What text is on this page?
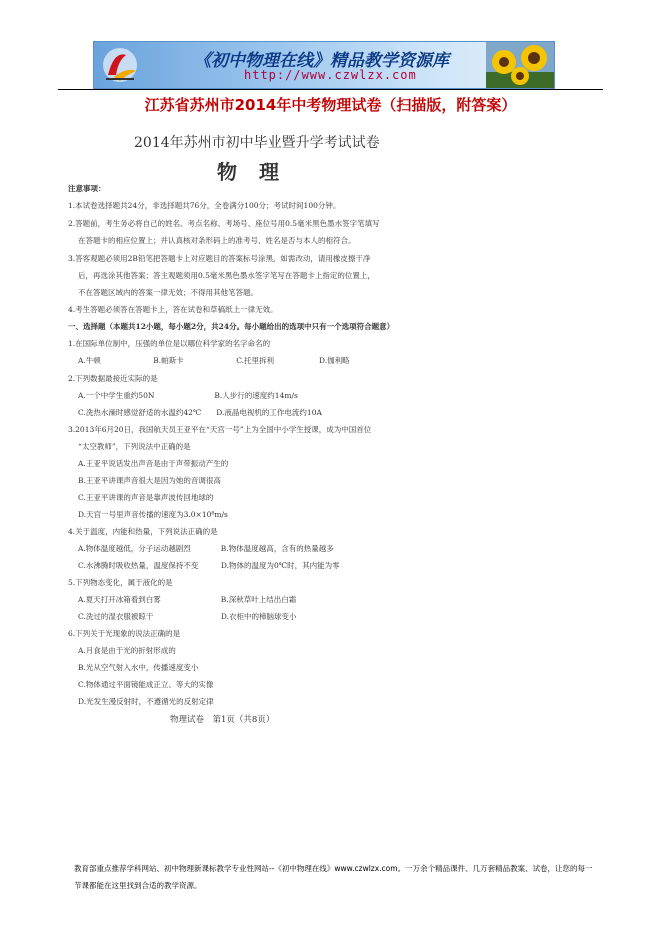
《初中物理在线》精品教学资源库
http://www.czwlzx.com
江苏省苏州市2014年中考物理试卷（扫描版，附答案）
2014年苏州市初中毕业暨升学考试试卷
物　理
注意事项：
1.本试卷选择题共24分，非选择题共76分，全卷满分100分；考试时间100分钟。
2.答题前，考生务必将自己的姓名、考点名称、考场号、座位号用0.5毫米黑色墨水签字笔填写
在答题卡的相应位置上；并认真核对条形码上的准考号、姓名是否与本人的相符合。
3.答客观题必须用2B铅笔把答题卡上对应题目的答案标号涂黑，如需改动，请用橡皮擦干净
后，再选涂其他答案；答主观题须用0.5毫米黑色墨水签字笔写在答题卡上指定的位置上，
不在答题区域内的答案一律无效；不得用其他笔答题。
4.考生答题必须答在答题卡上，答在试卷和草稿纸上一律无效。
一、选择题（本题共12小题，每小题2分，共24分。每小题给出的选项中只有一个选项符合题意）
1.在国际单位制中，压强的单位是以哪位科学家的名字命名的
A.牛顿　　　　　　　B.帕斯卡　　　　　　　C.托里拆利　　　　　　D.伽利略
2.下列数据最接近实际的是
A.一个中学生重约50N　　　　　　　　B.人步行的速度约14m/s
C.洗热水澡时感觉舒适的水温约42℃　　D.液晶电视机的工作电流约10A
3.2013年6月20日，我国航天员王亚平在“天宫一号”上为全国中小学生授课，成为中国首位
“太空教师”，下列说法中正确的是
A.王亚平说话发出声音是由于声带振动产生的
B.王亚平讲课声音很大是因为她的音调很高
C.王亚平讲课的声音是靠声波传回地球的
D.天宫一号里声音传播的速度为3.0×10⁸m/s
4.关于温度，内能和热量，下列说法正确的是
A.物体温度越低，分子运动越剧烈　　　　B.物体温度越高，含有的热量越多
C.水沸腾时吸收热量，温度保持不变　　　D.物体的温度为0℃时，其内能为零
5.下列物态变化，属于液化的是
A.夏天打开冰箱看到白雾　　　　　　　　B.深秋草叶上结出白霜
C.洗过的湿衣服被晾干　　　　　　　　　D.衣柜中的樟脑球变小
6.下列关于光现象的说法正确的是
A.月食是由于光的折射形成的
B.光从空气射入水中，传播速度变小
C.物体通过平面镜能成正立、等大的实像
D.光发生漫反射时，不遵循光的反射定律
物理试卷　第1页（共8页）
教育部重点推荐学科网站、初中物理新课标教学专业性网站--《初中物理在线》www.czwlzx.com。一万余个精品课件、几万套精品教案、试卷，让您的每一节课都能在这里找到合适的教学资源。
